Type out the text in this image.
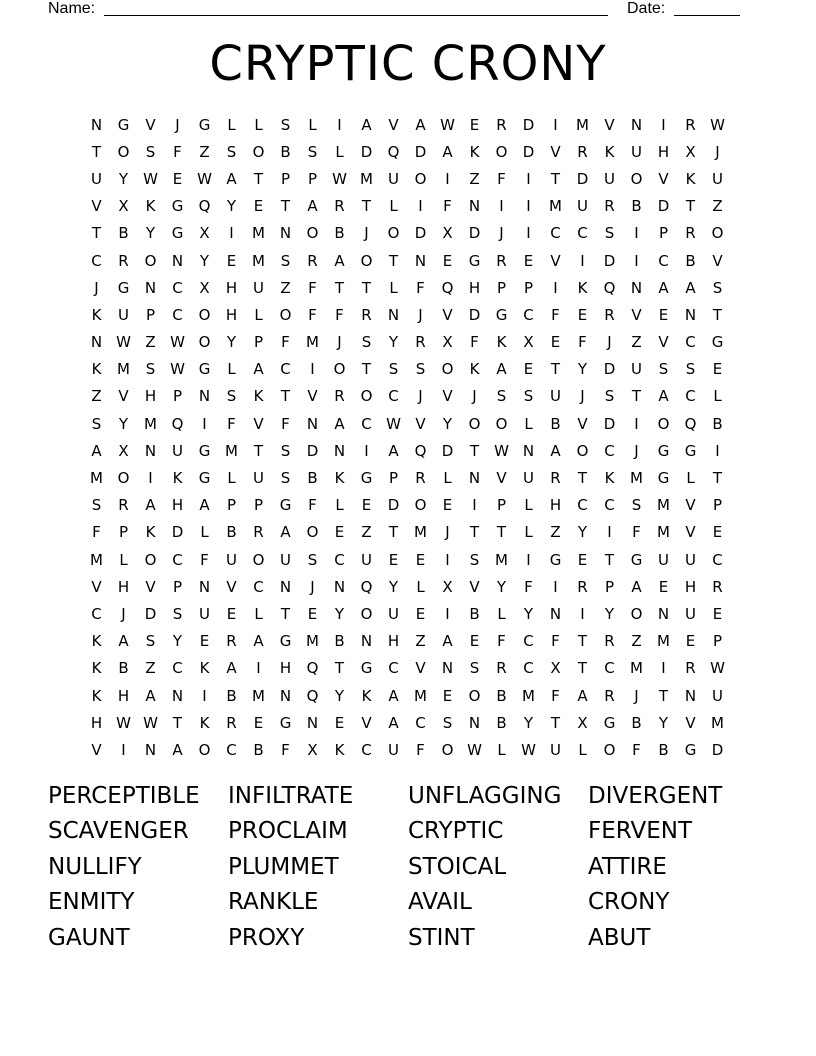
Name:	Date:
CRYPTIC CRONY
N	G	V	J	G	L	L	S	L	I	A	V	A W E	R	D	I	M	V	N	I	R W
T	O	S	F	Z	S	O	B	S	L	D	Q	D	A	K	O	D	V	R	K	U	H	X	J
U	Y	W E W A	T	P	P	W M	U	O	I	Z	F	I	T	D	U	O	V	K	U
V	X	K	G	Q	Y	E	T	A	R	T	L	I	F	N	I	I	M	U	R	B	D	T	Z
T	B	Y	G	X	I	M N	O	B	J	O	D	X	D	J	I	C	C	S	I	P	R	O
C	R	O	N	Y	E	M	S	R	A	O	T	N	E	G	R	E	V	I	D	I	C	B	V
J	G	N	C	X	H	U	Z	F	T	T	L	F	Q	H	P	P	I	K	Q	N	A	A	S
K	U	P	C	O	H	L	O	F	F	R	N	J	V	D	G	C	F	E	R	V	E	N	T
N W Z W O	Y	P	F	M	J	S	Y	R	X	F	K	X	E	F	J	Z	V	C	G
K	M	S W G	L	A	C	I	O	T	S	S	O	K	A	E	T	Y	D	U	S	S	E
Z	V	H	P	N	S	K	T	V	R	O	C	J	V	J	S	S	U	J	S	T	A	C	L
S	Y	M Q	I	F	V	F	N	A	C W V	Y	O	O	L	B	V	D	I	O	Q	B
A	X	N	U	G M	T	S	D	N	I	A	Q	D	T	W N	A	O	C	J	G	G	I
M O	I	K	G	L	U	S	B	K	G	P	R	L	N	V	U	R	T	K	M G	L	T
S	R	A	H	A	P	P	G	F	L	E	D	O	E	I	P	L	H	C	C	S	M	V	P
F	P	K	D	L	B	R	A	O	E	Z	T	M	J	T	T	L	Z	Y	I	F	M	V	E
M	L	O	C	F	U	O	U	S	C	U	E	E	I	S	M	I	G	E	T	G	U	U	C
V	H	V	P	N	V	C	N	J	N	Q	Y	L	X	V	Y	F	I	R	P	A	E	H	R
C	J	D	S	U	E	L	T	E	Y	O	U	E	I	B	L	Y	N	I	Y	O	N	U	E
K	A	S	Y	E	R	A	G M	B	N	H	Z	A	E	F	C	F	T	R	Z	M	E	P
K	B	Z	C	K	A	I	H	Q	T	G	C	V	N	S	R	C	X	T	C	M	I	R W
K	H	A	N	I	B	M N	Q	Y	K	A	M	E	O	B	M	F	A	R	J	T	N	U
H W W T	K	R	E	G	N	E	V	A	C	S	N	B	Y	T	X	G	B	Y	V	M
V	I	N	A	O	C	B	F	X	K	C	U	F	O W	L	W U	L	O	F	B	G	D
PERCEPTIBLE	INFILTRATE	UNFLAGGING	DIVERGENT
SCAVENGER	PROCLAIM	CRYPTIC	FERVENT
NULLIFY	PLUMMET	STOICAL	ATTIRE
ENMITY	RANKLE	AVAIL	CRONY
GAUNT	PROXY	STINT	ABUT
